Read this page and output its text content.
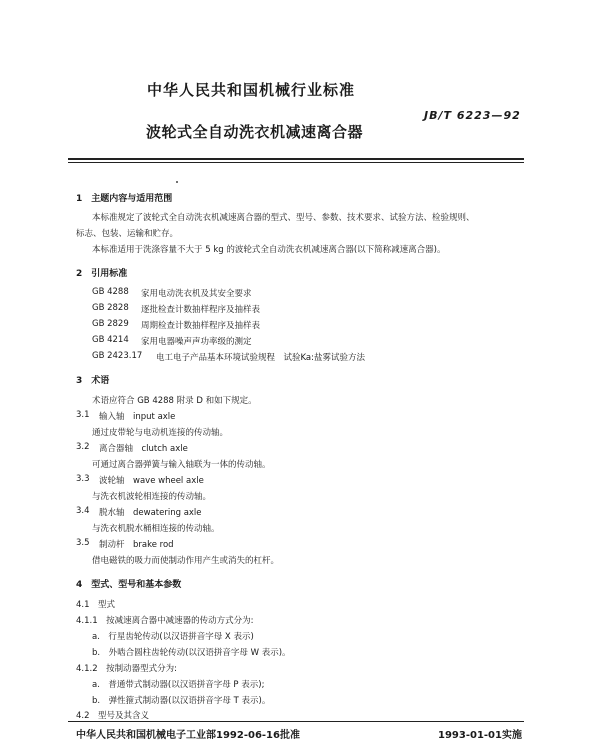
中华人民共和国机械行业标准
JB/T 6223—92
波轮式全自动洗衣机减速离合器
1　主题内容与适用范围
本标准规定了波轮式全自动洗衣机减速离合器的型式、型号、参数、技术要求、试验方法、检验规则、
标志、包装、运输和贮存。
本标准适用于洗涤容量不大于 5 kg 的波轮式全自动洗衣机减速离合器(以下简称减速离合器)。
2　引用标准
GB 4288 家用电动洗衣机及其安全要求
GB 2828 逐批检查计数抽样程序及抽样表
GB 2829 周期检查计数抽样程序及抽样表
GB 4214 家用电器噪声声功率级的测定
GB 2423.17 电工电子产品基本环境试验规程　试验Ka:盐雾试验方法
3　术语
术语应符合 GB 4288 附录 D 和如下规定。
3.1 输入轴　input axle
通过皮带轮与电动机连接的传动轴。
3.2 离合器轴　clutch axle
可通过离合器弹簧与输入轴联为一体的传动轴。
3.3 波轮轴　wave wheel axle
与洗衣机波轮相连接的传动轴。
3.4 脱水轴　dewatering axle
与洗衣机脱水桶相连接的传动轴。
3.5 制动杆　brake rod
借电磁铁的吸力而使制动作用产生或消失的杠杆。
4　型式、型号和基本参数
4.1　型式
4.1.1　按减速离合器中减速器的传动方式分为:
a.　行星齿轮传动(以汉语拼音字母 X 表示)
b.　外啮合圆柱齿轮传动(以汉语拼音字母 W 表示)。
4.1.2　按制动器型式分为:
a.　普通带式制动器(以汉语拼音字母 P 表示);
b.　弹性箍式制动器(以汉语拼音字母 T 表示)。
4.2　型号及其含义
中华人民共和国机械电子工业部1992-06-16批准	1993-01-01实施
